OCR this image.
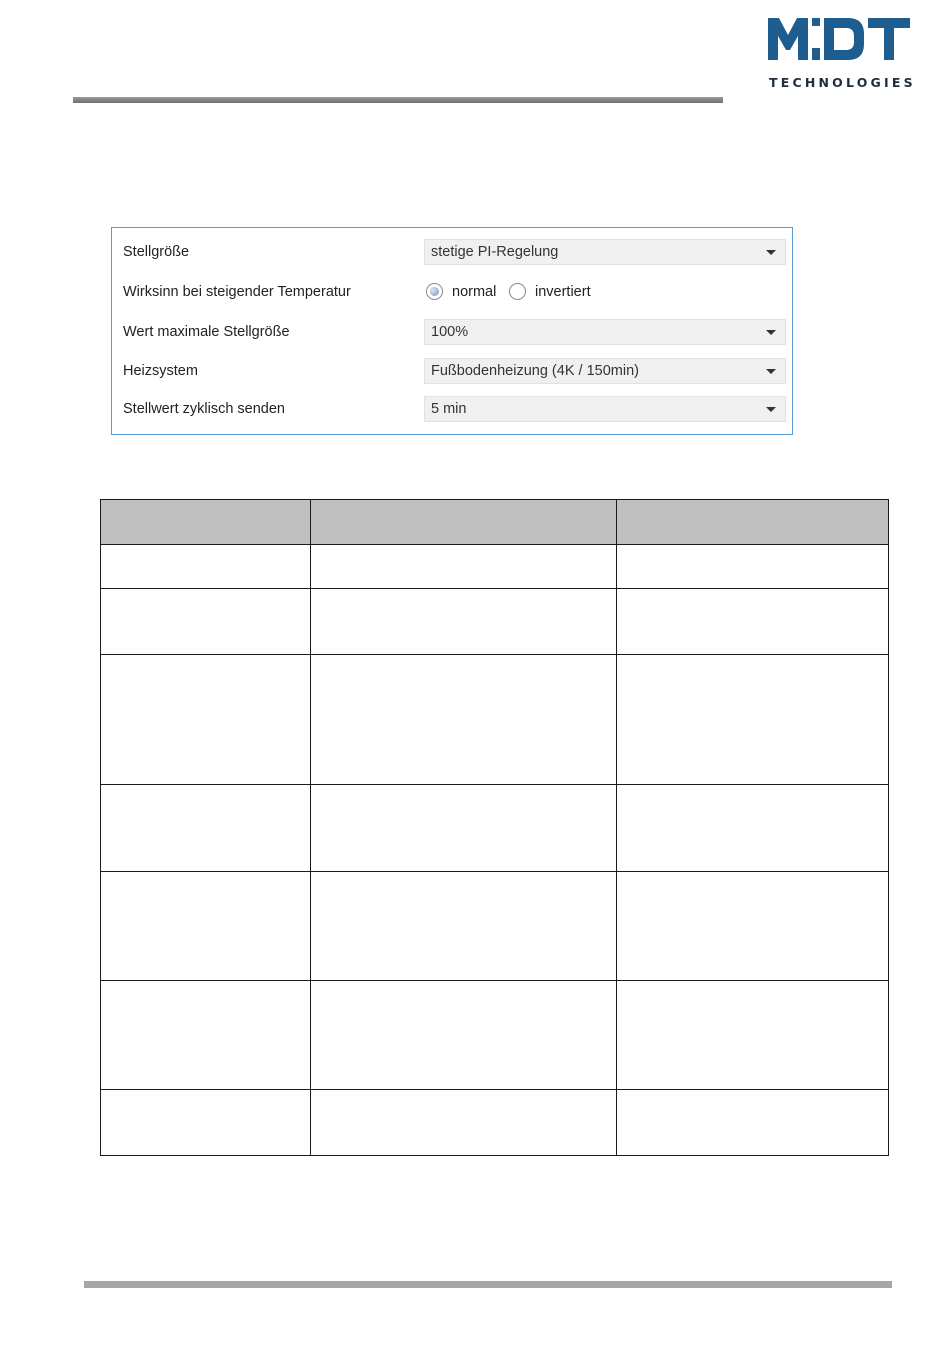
TECHNOLOGIES
Stellgröße	stetige PI-Regelung
Wirksinn bei steigender Temperatur	normal	invertiert
Wert maximale Stellgröße	100%
Heizsystem	Fußbodenheizung (4K / 150min)
Stellwert zyklisch senden	5 min
